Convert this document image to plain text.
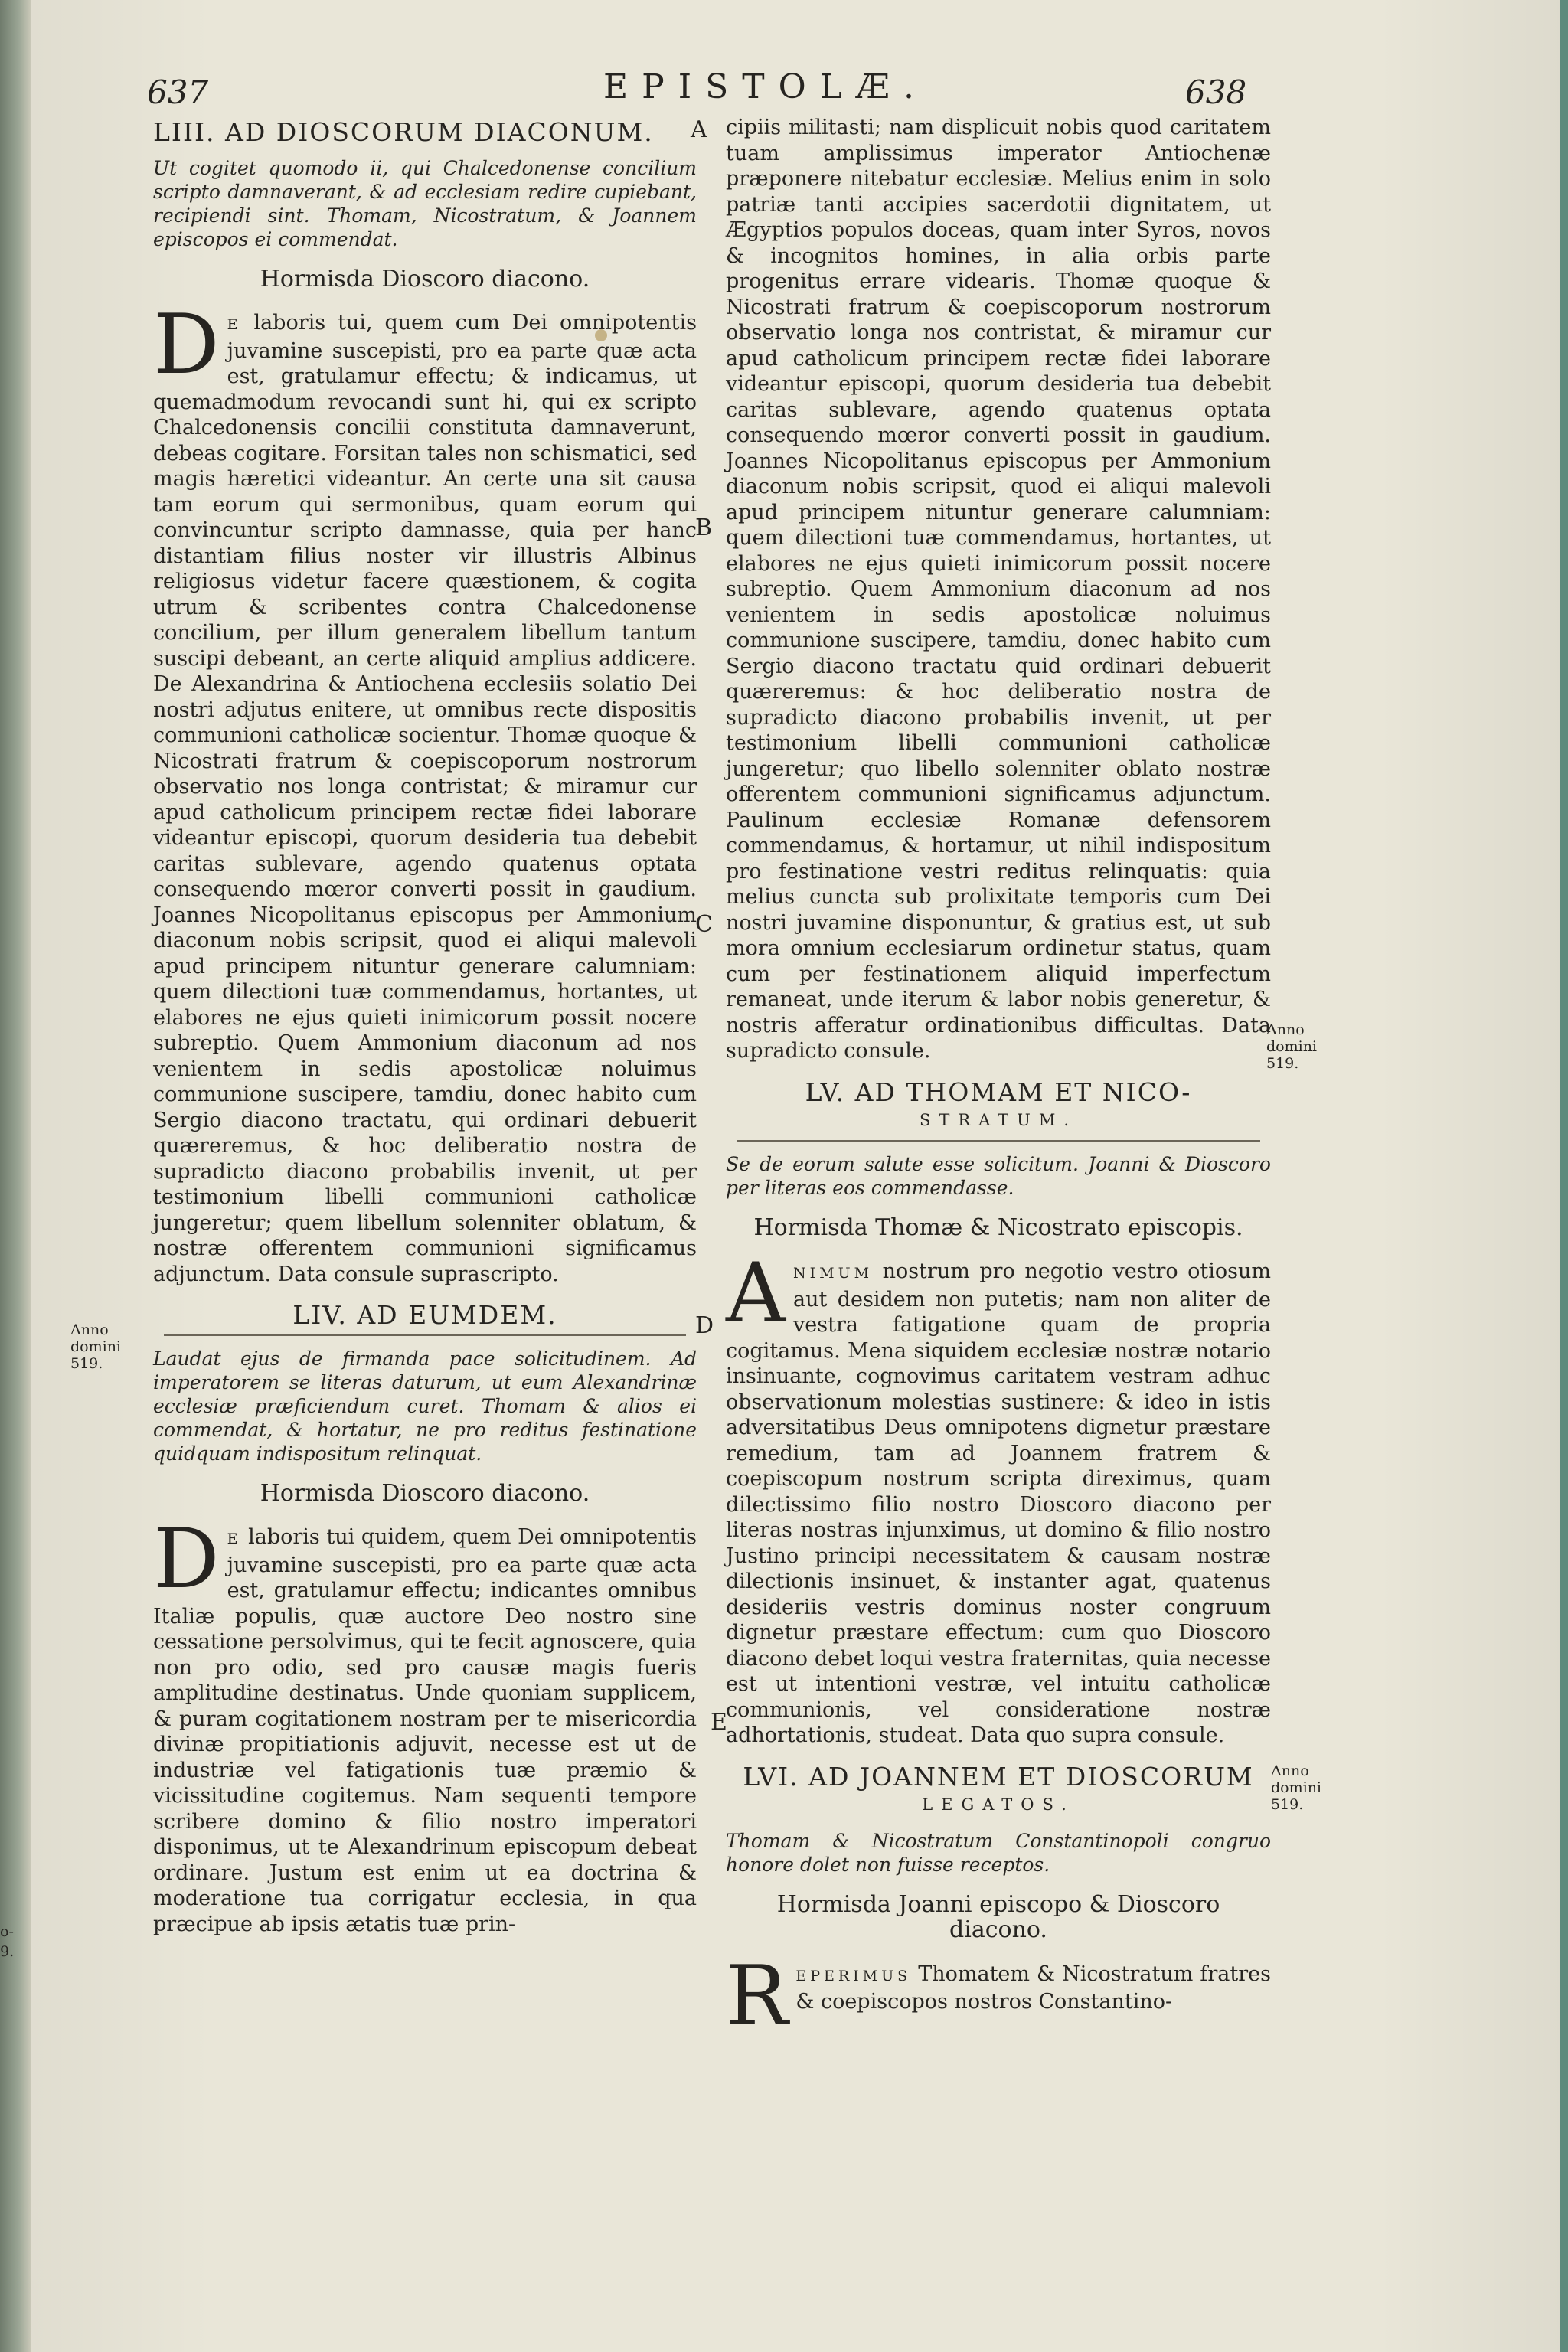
637	EPISTOLÆ.	638
LIII. AD DIOSCORUM DIACONUM.
Ut cogitet quomodo ii, qui Chalcedonense concilium scripto damnaverant, & ad ecclesiam redire cupiebant, recipiendi sint. Thomam, Nicostratum, & Joannem episcopos ei commendat.
Hormisda Dioscoro diacono.

D E laboris tui, quem cum Dei omnipotentis juvamine suscepisti, pro ea parte quæ acta est, gratulamur effectu; & indicamus, ut quemadmodum revocandi sunt hi, qui ex scripto Chalcedonensis concilii constituta damnaverunt, debeas cogitare. Forsitan tales non schismatici, sed magis hæretici videantur. An certe una sit causa tam eorum qui sermonibus, quam eorum qui convincuntur scripto damnasse, quia per hanc distantiam filius noster vir illustris Albinus religiosus videtur facere quæstionem, & cogita utrum & scribentes contra Chalcedonense concilium, per illum generalem libellum tantum suscipi debeant, an certe aliquid amplius addicere. De Alexandrina & Antiochena ecclesiis solatio Dei nostri adjutus enitere, ut omnibus recte dispositis communioni catholicæ socientur. Thomæ quoque & Nicostrati fratrum & coepiscoporum nostrorum observatio nos longa contristat; & miramur cur apud catholicum principem rectæ fidei laborare videantur episcopi, quorum desideria tua debebit caritas sublevare, agendo quatenus optata consequendo mœror converti possit in gaudium. Joannes Nicopolitanus episcopus per Ammonium diaconum nobis scripsit, quod ei aliqui malevoli apud principem nituntur generare calumniam: quem dilectioni tuæ commendamus, hortantes, ut elabores ne ejus quieti inimicorum possit nocere subreptio. Quem Ammonium diaconum ad nos venientem in sedis apostolicæ noluimus communione suscipere, tamdiu, donec habito cum Sergio diacono tractatu, qui ordinari debuerit quæreremus, & hoc deliberatio nostra de supradicto diacono probabilis invenit, ut per testimonium libelli communioni catholicæ jungeretur; quem libellum solenniter oblatum, & nostræ offerentem communioni significamus adjunctum. Data consule suprascripto.

LIV. AD EUMDEM.
Laudat ejus de firmanda pace solicitudinem. Ad imperatorem se literas daturum, ut eum Alexandrinæ ecclesiæ præficiendum curet. Thomam & alios ei commendat, & hortatur, ne pro reditus festinatione quidquam indispositum relinquat.
Hormisda Dioscoro diacono.

D E laboris tui quidem, quem Dei omnipotentis juvamine suscepisti, pro ea parte quæ acta est, gratulamur effectu; indicantes omnibus Italiæ populis, quæ auctore Deo nostro sine cessatione persolvimus, qui te fecit agnoscere, quia non pro odio, sed pro causæ magis fueris amplitudine destinatus. Unde quoniam supplicem, & puram cogitationem nostram per te misericordia divinæ propitiationis adjuvit, necesse est ut de industriæ vel fatigationis tuæ præmio & vicissitudine cogitemus. Nam sequenti tempore scribere domino & filio nostro imperatori disponimus, ut te Alexandrinum episcopum debeat ordinare. Justum est enim ut ea doctrina & moderatione tua corrigatur ecclesia, in qua præcipue ab ipsis ætatis tuæ prin-

cipiis militasti; nam displicuit nobis quod caritatem tuam amplissimus imperator Antiochenæ præponere nitebatur ecclesiæ. Melius enim in solo patriæ tanti accipies sacerdotii dignitatem, ut Ægyptios populos doceas, quam inter Syros, novos & incognitos homines, in alia orbis parte progenitus errare videaris. Thomæ quoque & Nicostrati fratrum & coepiscoporum nostrorum observatio longa nos contristat, & miramur cur apud catholicum principem rectæ fidei laborare videantur episcopi, quorum desideria tua debebit caritas sublevare, agendo quatenus optata consequendo mœror converti possit in gaudium. Joannes Nicopolitanus episcopus per Ammonium diaconum nobis scripsit, quod ei aliqui malevoli apud principem nituntur generare calumniam: quem dilectioni tuæ commendamus, hortantes, ut elabores ne ejus quieti inimicorum possit nocere subreptio. Quem Ammonium diaconum ad nos venientem in sedis apostolicæ noluimus communione suscipere, tamdiu, donec habito cum Sergio diacono tractatu quid ordinari debuerit quæreremus: & hoc deliberatio nostra de supradicto diacono probabilis invenit, ut per testimonium libelli communioni catholicæ jungeretur; quo libello solenniter oblato nostræ offerentem communioni significamus adjunctum. Paulinum ecclesiæ Romanæ defensorem commendamus, & hortamur, ut nihil indispositum pro festinatione vestri reditus relinquatis: quia melius cuncta sub prolixitate temporis cum Dei nostri juvamine disponuntur, & gratius est, ut sub mora omnium ecclesiarum ordinetur status, quam cum per festinationem aliquid imperfectum remaneat, unde iterum & labor nobis generetur, & nostris afferatur ordinationibus difficultas. Data supradicto consule.

LV. AD THOMAM ET NICO-
STRATUM.
Se de eorum salute esse solicitum. Joanni & Dioscoro per literas eos commendasse.
Hormisda Thomæ & Nicostrato episcopis.

ANIMUM nostrum pro negotio vestro otiosum aut desidem non putetis; nam non aliter de vestra fatigatione quam de propria cogitamus. Mena siquidem ecclesiæ nostræ notario insinuante, cognovimus caritatem vestram adhuc observationum molestias sustinere: & ideo in istis adversitatibus Deus omnipotens dignetur præstare remedium, tam ad Joannem fratrem & coepiscopum nostrum scripta direximus, quam dilectissimo filio nostro Dioscoro diacono per literas nostras injunximus, ut domino & filio nostro Justino principi necessitatem & causam nostræ dilectionis insinuet, & instanter agat, quatenus desideriis vestris dominus noster congruum dignetur præstare effectum: cum quo Dioscoro diacono debet loqui vestra fraternitas, quia necesse est ut intentioni vestræ, vel intuitu catholicæ communionis, vel consideratione nostræ adhortationis, studeat. Data quo supra consule.

LVI. AD JOANNEM ET DIOSCORUM
LEGATOS.
Thomam & Nicostratum Constantinopoli congruo honore dolet non fuisse receptos.
Hormisda Joanni episcopo & Dioscoro diacono.

REPERIMUS Thomatem & Nicostratum fratres & coepiscopos nostros Constantino-

A
B
C
D
E
Anno domini 519.
Anno domini 519.
Anno domini 519.
o-
9.
